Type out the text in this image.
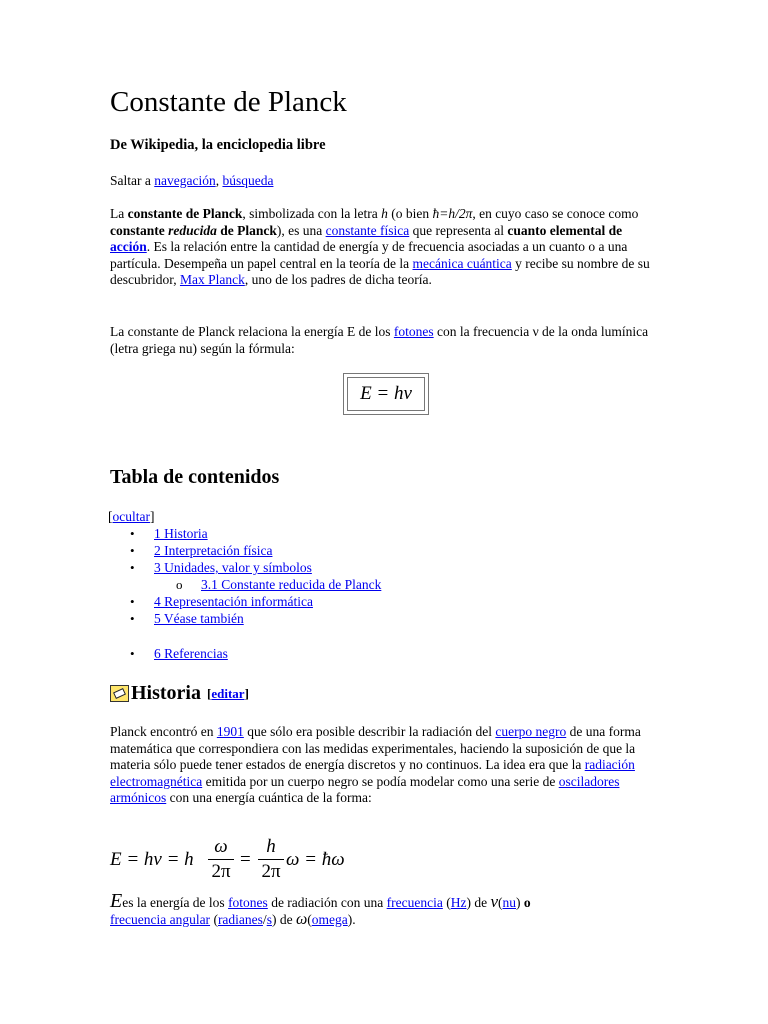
Constante de Planck
De Wikipedia, la enciclopedia libre
Saltar a navegación, búsqueda
La constante de Planck, simbolizada con la letra h (o bien ħ=h/2π, en cuyo caso se conoce como constante reducida de Planck), es una constante física que representa al cuanto elemental de acción. Es la relación entre la cantidad de energía y de frecuencia asociadas a un cuanto o a una partícula. Desempeña un papel central en la teoría de la mecánica cuántica y recibe su nombre de su descubridor, Max Planck, uno de los padres de dicha teoría.
La constante de Planck relaciona la energía E de los fotones con la frecuencia ν de la onda lumínica (letra griega nu) según la fórmula:
E = hν
Tabla de contenidos
[ocultar]
• 1 Historia
• 2 Interpretación física
• 3 Unidades, valor y símbolos
o 3.1 Constante reducida de Planck
• 4 Representación informática
• 5 Véase también
• 6 Referencias
Historia [editar]
Planck encontró en 1901 que sólo era posible describir la radiación del cuerpo negro de una forma matemática que correspondiera con las medidas experimentales, haciendo la suposición de que la materia sólo puede tener estados de energía discretos y no continuos. La idea era que la radiación electromagnética emitida por un cuerpo negro se podía modelar como una serie de osciladores armónicos con una energía cuántica de la forma:
E = hν = h
ω
2π
=
h
2π
ω = ħω
Ees la energía de los fotones de radiación con una frecuencia (Hz) de ν(nu) o
frecuencia angular (radianes/s) de ω(omega).
